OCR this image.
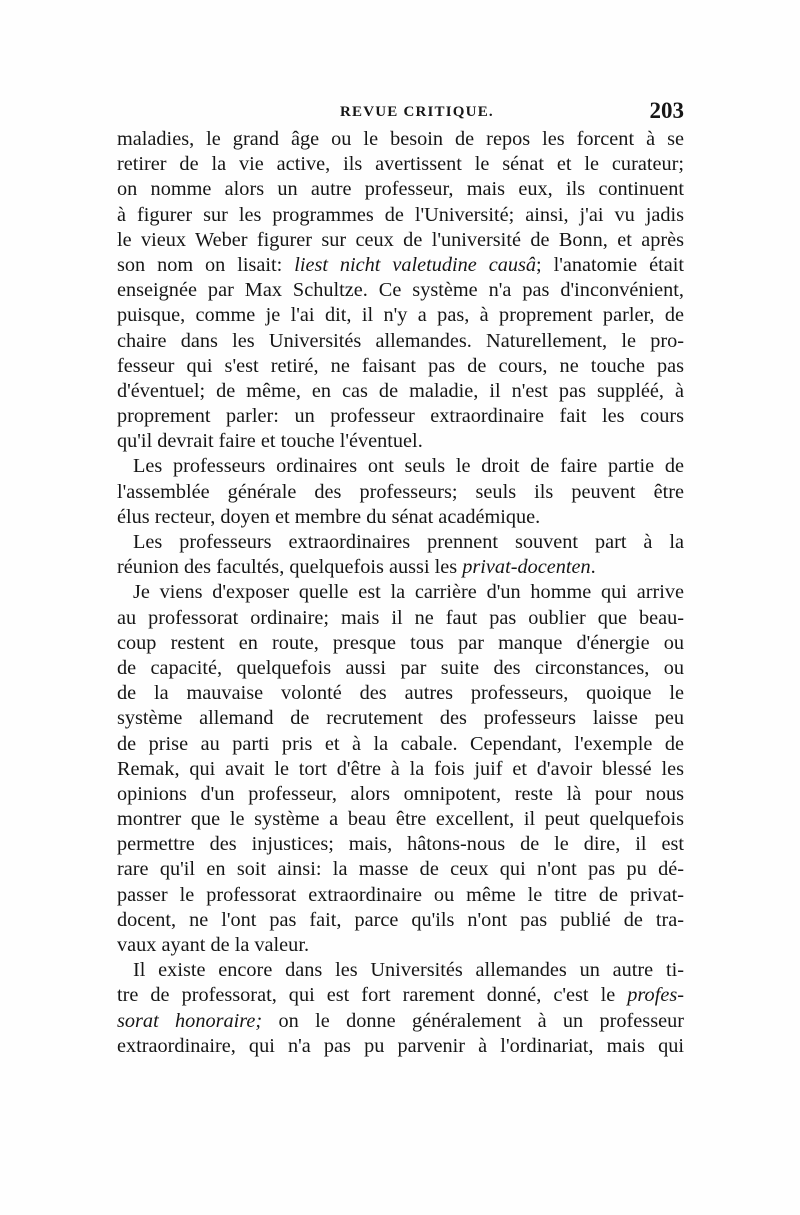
REVUE CRITIQUE.	203
maladies, le grand âge ou le besoin de repos les forcent à se
retirer de la vie active, ils avertissent le sénat et le curateur;
on nomme alors un autre professeur, mais eux, ils continuent
à figurer sur les programmes de l'Université; ainsi, j'ai vu jadis
le vieux Weber figurer sur ceux de l'université de Bonn, et après
son nom on lisait: liest nicht valetudine causâ; l'anatomie était
enseignée par Max Schultze. Ce système n'a pas d'inconvénient,
puisque, comme je l'ai dit, il n'y a pas, à proprement parler, de
chaire dans les Universités allemandes. Naturellement, le pro-
fesseur qui s'est retiré, ne faisant pas de cours, ne touche pas
d'éventuel; de même, en cas de maladie, il n'est pas suppléé, à
proprement parler: un professeur extraordinaire fait les cours
qu'il devrait faire et touche l'éventuel.
Les professeurs ordinaires ont seuls le droit de faire partie de
l'assemblée générale des professeurs; seuls ils peuvent être
élus recteur, doyen et membre du sénat académique.
Les professeurs extraordinaires prennent souvent part à la
réunion des facultés, quelquefois aussi les privat-docenten.
Je viens d'exposer quelle est la carrière d'un homme qui arrive
au professorat ordinaire; mais il ne faut pas oublier que beau-
coup restent en route, presque tous par manque d'énergie ou
de capacité, quelquefois aussi par suite des circonstances, ou
de la mauvaise volonté des autres professeurs, quoique le
système allemand de recrutement des professeurs laisse peu
de prise au parti pris et à la cabale. Cependant, l'exemple de
Remak, qui avait le tort d'être à la fois juif et d'avoir blessé les
opinions d'un professeur, alors omnipotent, reste là pour nous
montrer que le système a beau être excellent, il peut quelquefois
permettre des injustices; mais, hâtons-nous de le dire, il est
rare qu'il en soit ainsi: la masse de ceux qui n'ont pas pu dé-
passer le professorat extraordinaire ou même le titre de privat-
docent, ne l'ont pas fait, parce qu'ils n'ont pas publié de tra-
vaux ayant de la valeur.
Il existe encore dans les Universités allemandes un autre ti-
tre de professorat, qui est fort rarement donné, c'est le profes-
sorat honoraire; on le donne généralement à un professeur
extraordinaire, qui n'a pas pu parvenir à l'ordinariat, mais qui
